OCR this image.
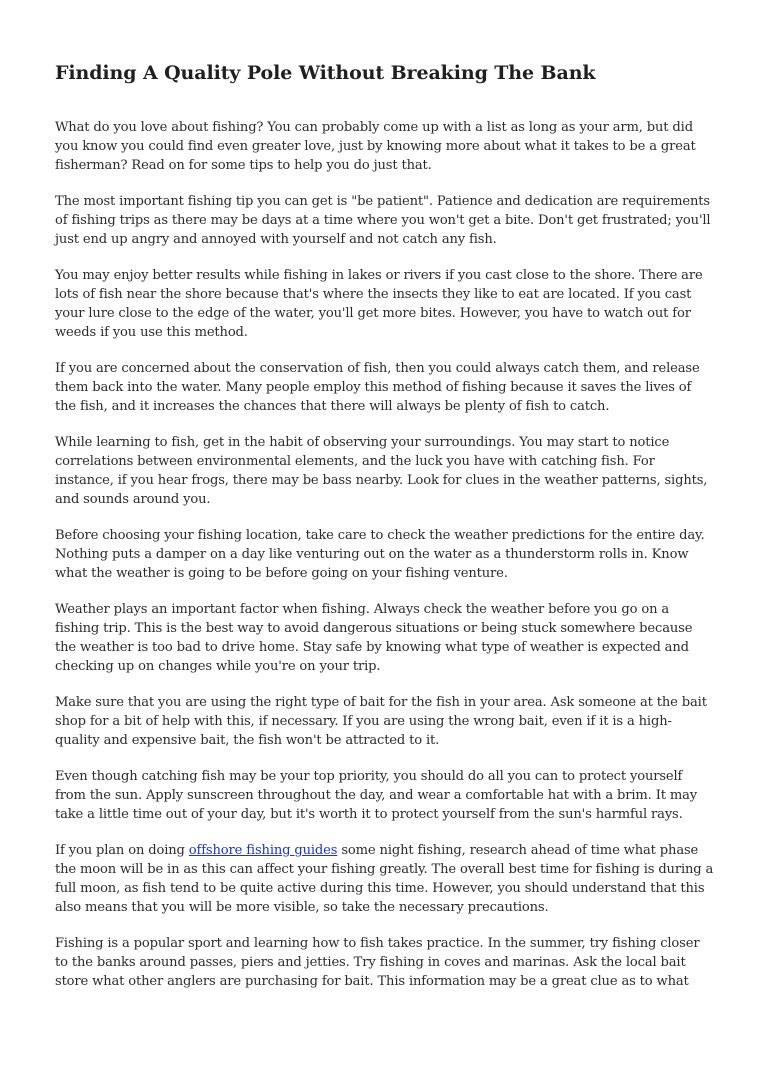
Finding A Quality Pole Without Breaking The Bank

What do you love about fishing? You can probably come up with a list as long as your arm, but did you know you could find even greater love, just by knowing more about what it takes to be a great fisherman? Read on for some tips to help you do just that.

The most important fishing tip you can get is "be patient". Patience and dedication are requirements of fishing trips as there may be days at a time where you won't get a bite. Don't get frustrated; you'll just end up angry and annoyed with yourself and not catch any fish.

You may enjoy better results while fishing in lakes or rivers if you cast close to the shore. There are lots of fish near the shore because that's where the insects they like to eat are located. If you cast your lure close to the edge of the water, you'll get more bites. However, you have to watch out for weeds if you use this method.

If you are concerned about the conservation of fish, then you could always catch them, and release them back into the water. Many people employ this method of fishing because it saves the lives of the fish, and it increases the chances that there will always be plenty of fish to catch.

While learning to fish, get in the habit of observing your surroundings. You may start to notice correlations between environmental elements, and the luck you have with catching fish. For instance, if you hear frogs, there may be bass nearby. Look for clues in the weather patterns, sights, and sounds around you.

Before choosing your fishing location, take care to check the weather predictions for the entire day. Nothing puts a damper on a day like venturing out on the water as a thunderstorm rolls in. Know what the weather is going to be before going on your fishing venture.

Weather plays an important factor when fishing. Always check the weather before you go on a fishing trip. This is the best way to avoid dangerous situations or being stuck somewhere because the weather is too bad to drive home. Stay safe by knowing what type of weather is expected and checking up on changes while you're on your trip.

Make sure that you are using the right type of bait for the fish in your area. Ask someone at the bait shop for a bit of help with this, if necessary. If you are using the wrong bait, even if it is a high-quality and expensive bait, the fish won't be attracted to it.

Even though catching fish may be your top priority, you should do all you can to protect yourself from the sun. Apply sunscreen throughout the day, and wear a comfortable hat with a brim. It may take a little time out of your day, but it's worth it to protect yourself from the sun's harmful rays.

If you plan on doing offshore fishing guides some night fishing, research ahead of time what phase the moon will be in as this can affect your fishing greatly. The overall best time for fishing is during a full moon, as fish tend to be quite active during this time. However, you should understand that this also means that you will be more visible, so take the necessary precautions.

Fishing is a popular sport and learning how to fish takes practice. In the summer, try fishing closer to the banks around passes, piers and jetties. Try fishing in coves and marinas. Ask the local bait store what other anglers are purchasing for bait. This information may be a great clue as to what
